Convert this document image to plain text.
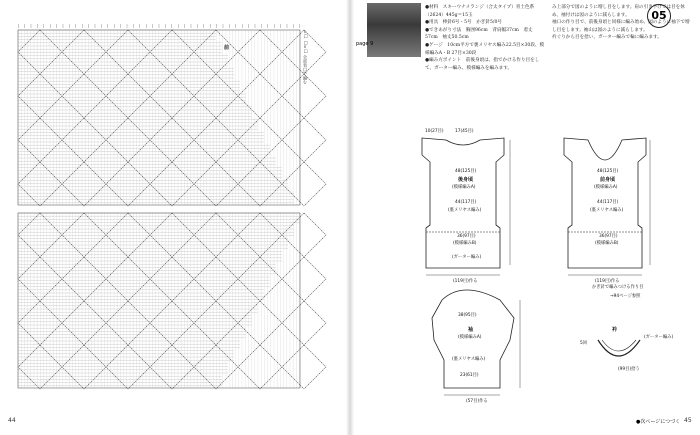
=□ □=□ 全部表目で編む
前
44
05
page 9
●材料　スキーウナメランジ（合太タイプ）青土色系（2624）445g＝15玉
●用具　棒針6号・5号　かぎ針5/0号
●できあがり寸法　胸囲96cm　背肩幅37cm　着丈57cm　袖丈50.5cm
●ゲージ　10cm平方で裏メリヤス編み22.5目×30段、模様編みA・B 27目×30段
●編み方ポイント　前後身頃は、指でかける作り目をして、ガーター編み、模様編みを編みます。
み上部分で図のように増し目をします。肩の引き下げでは目を休め、袖付けは図のように減らします。
袖口の作り目で、前後身頃と同様に編み始め、図のように袖下で増し目をします。袖山は図のように減らします。
衿ぐりから目を拾い、ガーター編みで輪に編みます。
後身頃
(模様編みA)
(裏メリヤス編み)
(模様編みB)
48(125目)
17(45目)
10(27目)
44(117目)
36(97目)
(ガーター編み)
(119目)作る
前身頃
(模様編みA)
(裏メリヤス編み)
(模様編みB)
48(125目)
44(117目)
36(97目)
(119目)作る
袖
(模様編みA)
(裏メリヤス編み)
38(95目)
23(61目)
(57目)作る
かぎ針で編みつける作り目
→94ページ参照
衿
(ガーター編み)
5回
(99目)拾う
●次ページにつづく 45
